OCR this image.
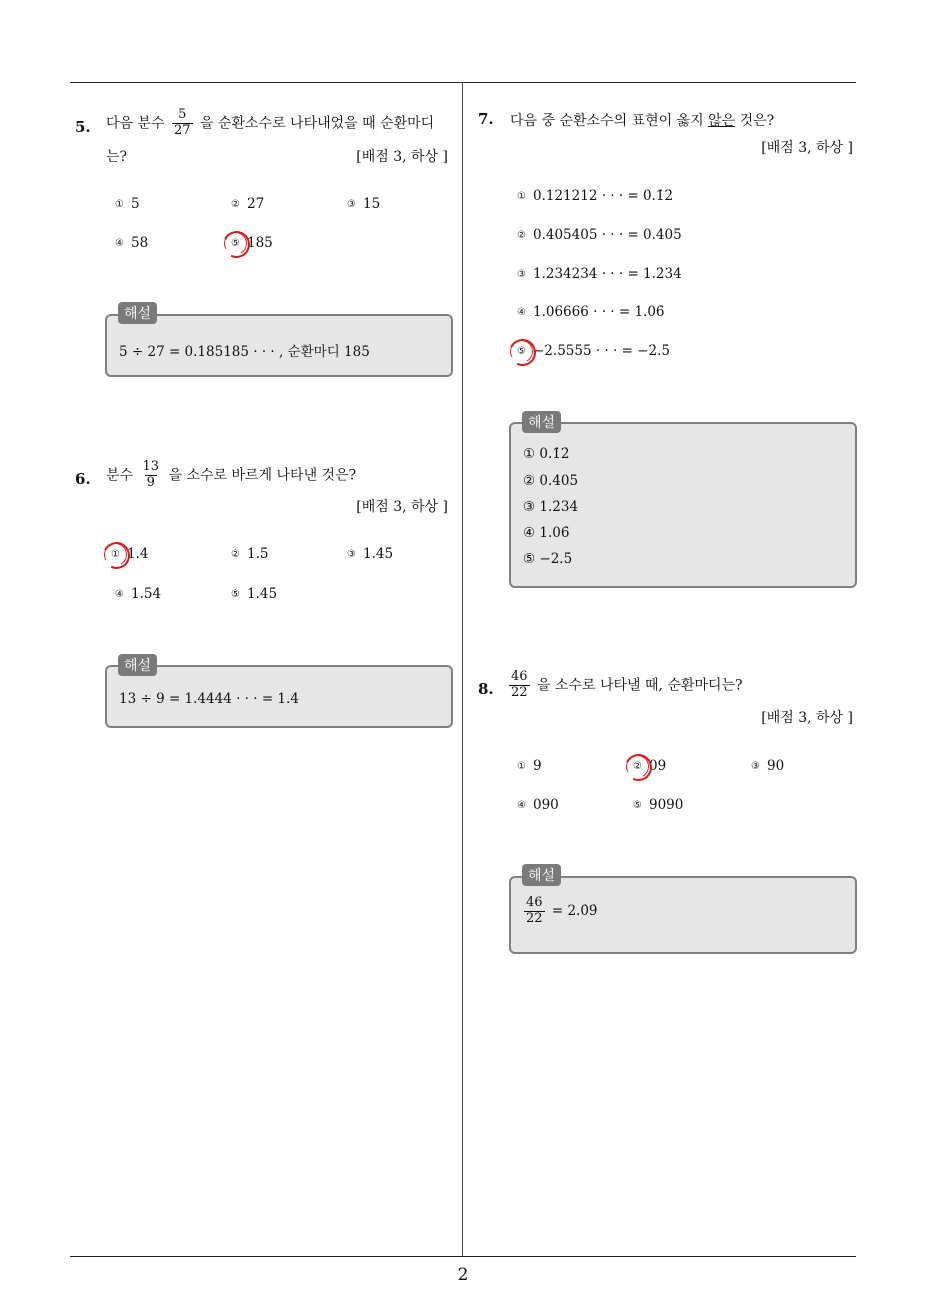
2
5. 다음 분수 $\frac{5}{27}$ 을 순환소수로 나타내었을 때 순환마디
는?	[배점 3, 하상 ]
① 5	② 27	③ 15
④ 58	⑤ 185
5 ÷ 27 = 0.185185 · · · , 순환마디 185
해설
6. 분수 $\frac{13}{9}$ 을 소수로 바르게 나타낸 것은?
[배점 3, 하상 ]
① 1.4̇	② 1.5̇	③ 1.4̇5̇
④ 1.54̇	⑤ 1.45̇
13 ÷ 9 = 1.4444 · · · = 1.4̇
해설
7. 다음 중 순환소수의 표현이 옳지 않은 것은?
[배점 3, 하상 ]
① 0.121212 · · · = 0.1̇2̇
② 0.405405 · · · = 0.4̇05̇
③ 1.234234 · · · = 1.2̇34̇
④ 1.06666 · · · = 1.06̇
⑤ −2.5555 · · · = −2̇.5̇
① 0.1̇2̇
② 0.4̇05̇
③ 1.2̇34̇
④ 1.06̇
⑤ −2.5̇
해설
8. $\frac{46}{22}$ 을 소수로 나타낼 때, 순환마디는?
[배점 3, 하상 ]
① 9	② 09	③ 90
④ 090	⑤ 9090
$\frac{46}{22}$ = 2.0̇9̇
해설
